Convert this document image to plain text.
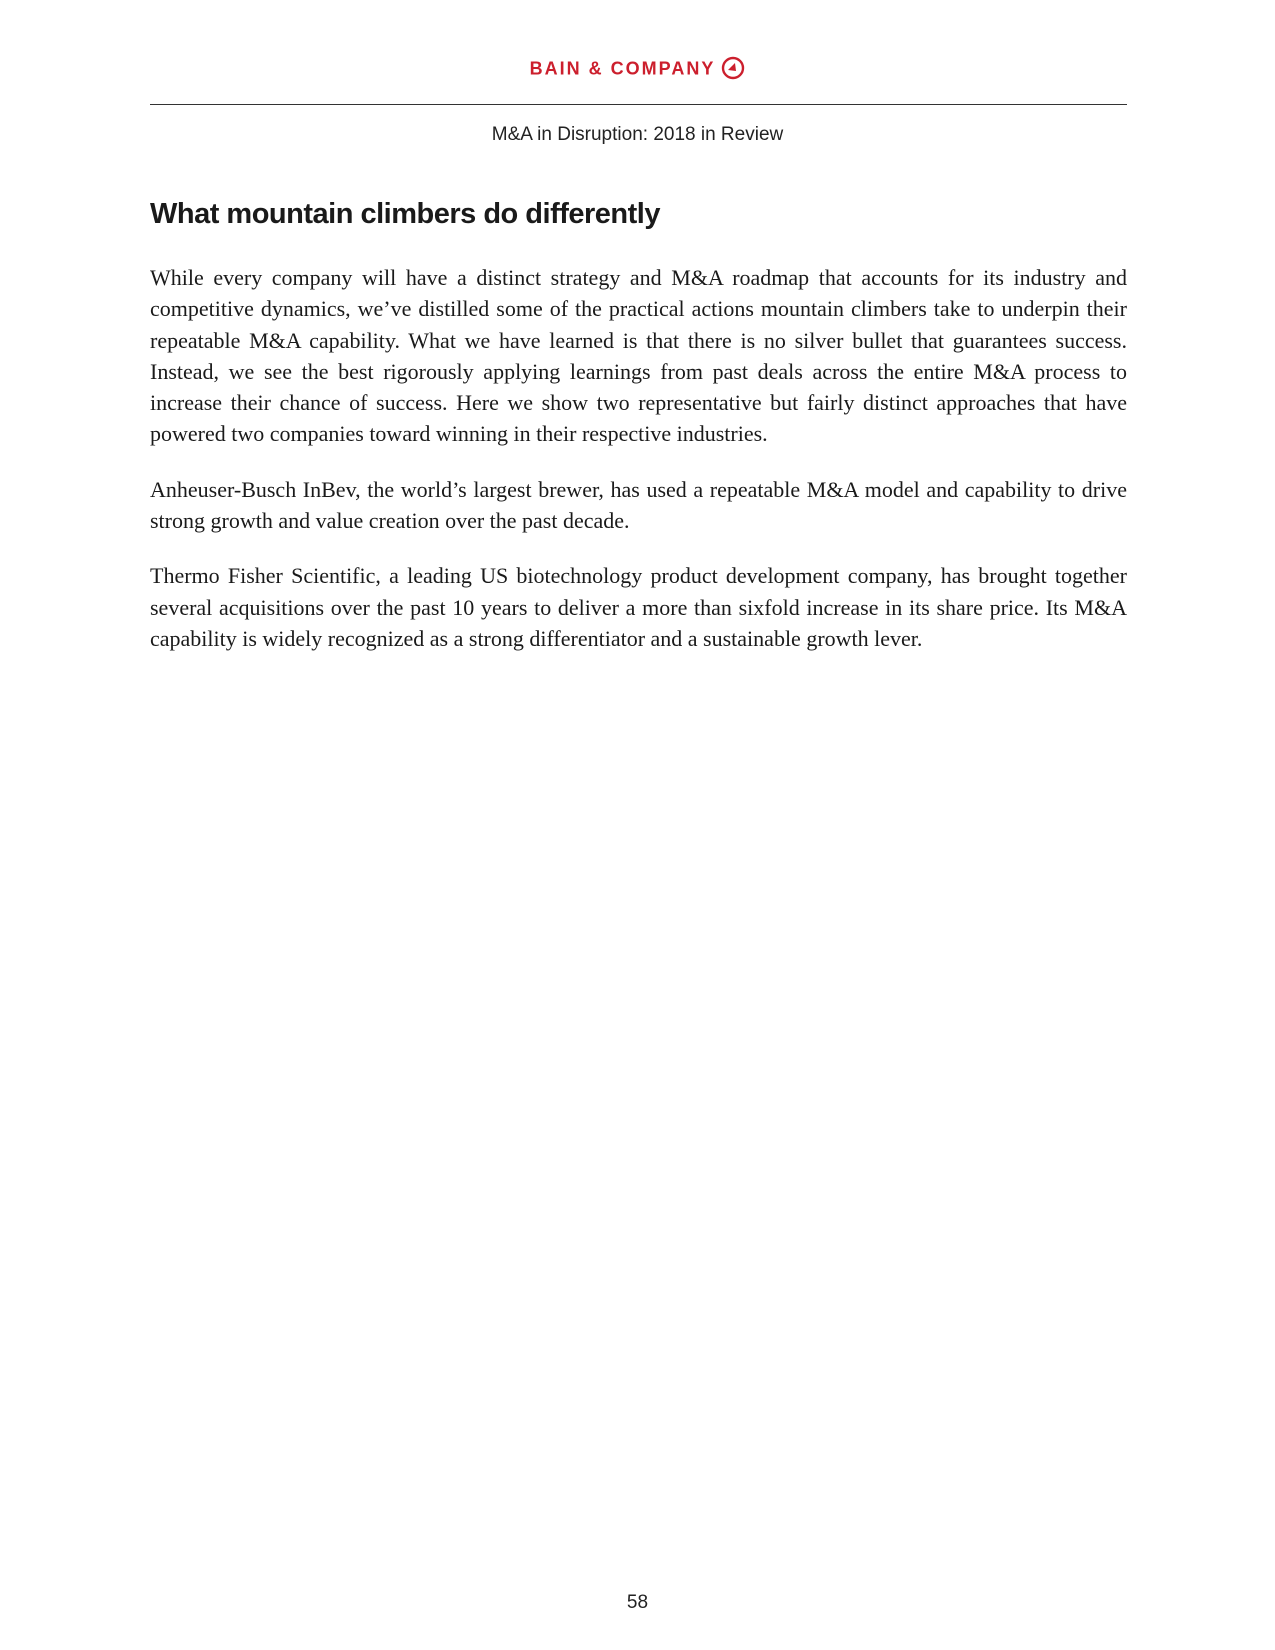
BAIN & COMPANY
M&A in Disruption: 2018 in Review
What mountain climbers do differently

While every company will have a distinct strategy and M&A roadmap that accounts for its industry and competitive dynamics, we’ve distilled some of the practical actions mountain climbers take to underpin their repeatable M&A capability. What we have learned is that there is no silver bullet that guarantees success. Instead, we see the best rigorously applying learnings from past deals across the entire M&A process to increase their chance of success. Here we show two representative but fairly distinct approaches that have powered two companies toward winning in their respective industries.

Anheuser-Busch InBev, the world’s largest brewer, has used a repeatable M&A model and capability to drive strong growth and value creation over the past decade.

Thermo Fisher Scientific, a leading US biotechnology product development company, has brought together several acquisitions over the past 10 years to deliver a more than sixfold increase in its share price. Its M&A capability is widely recognized as a strong differentiator and a sustainable growth lever.

58
